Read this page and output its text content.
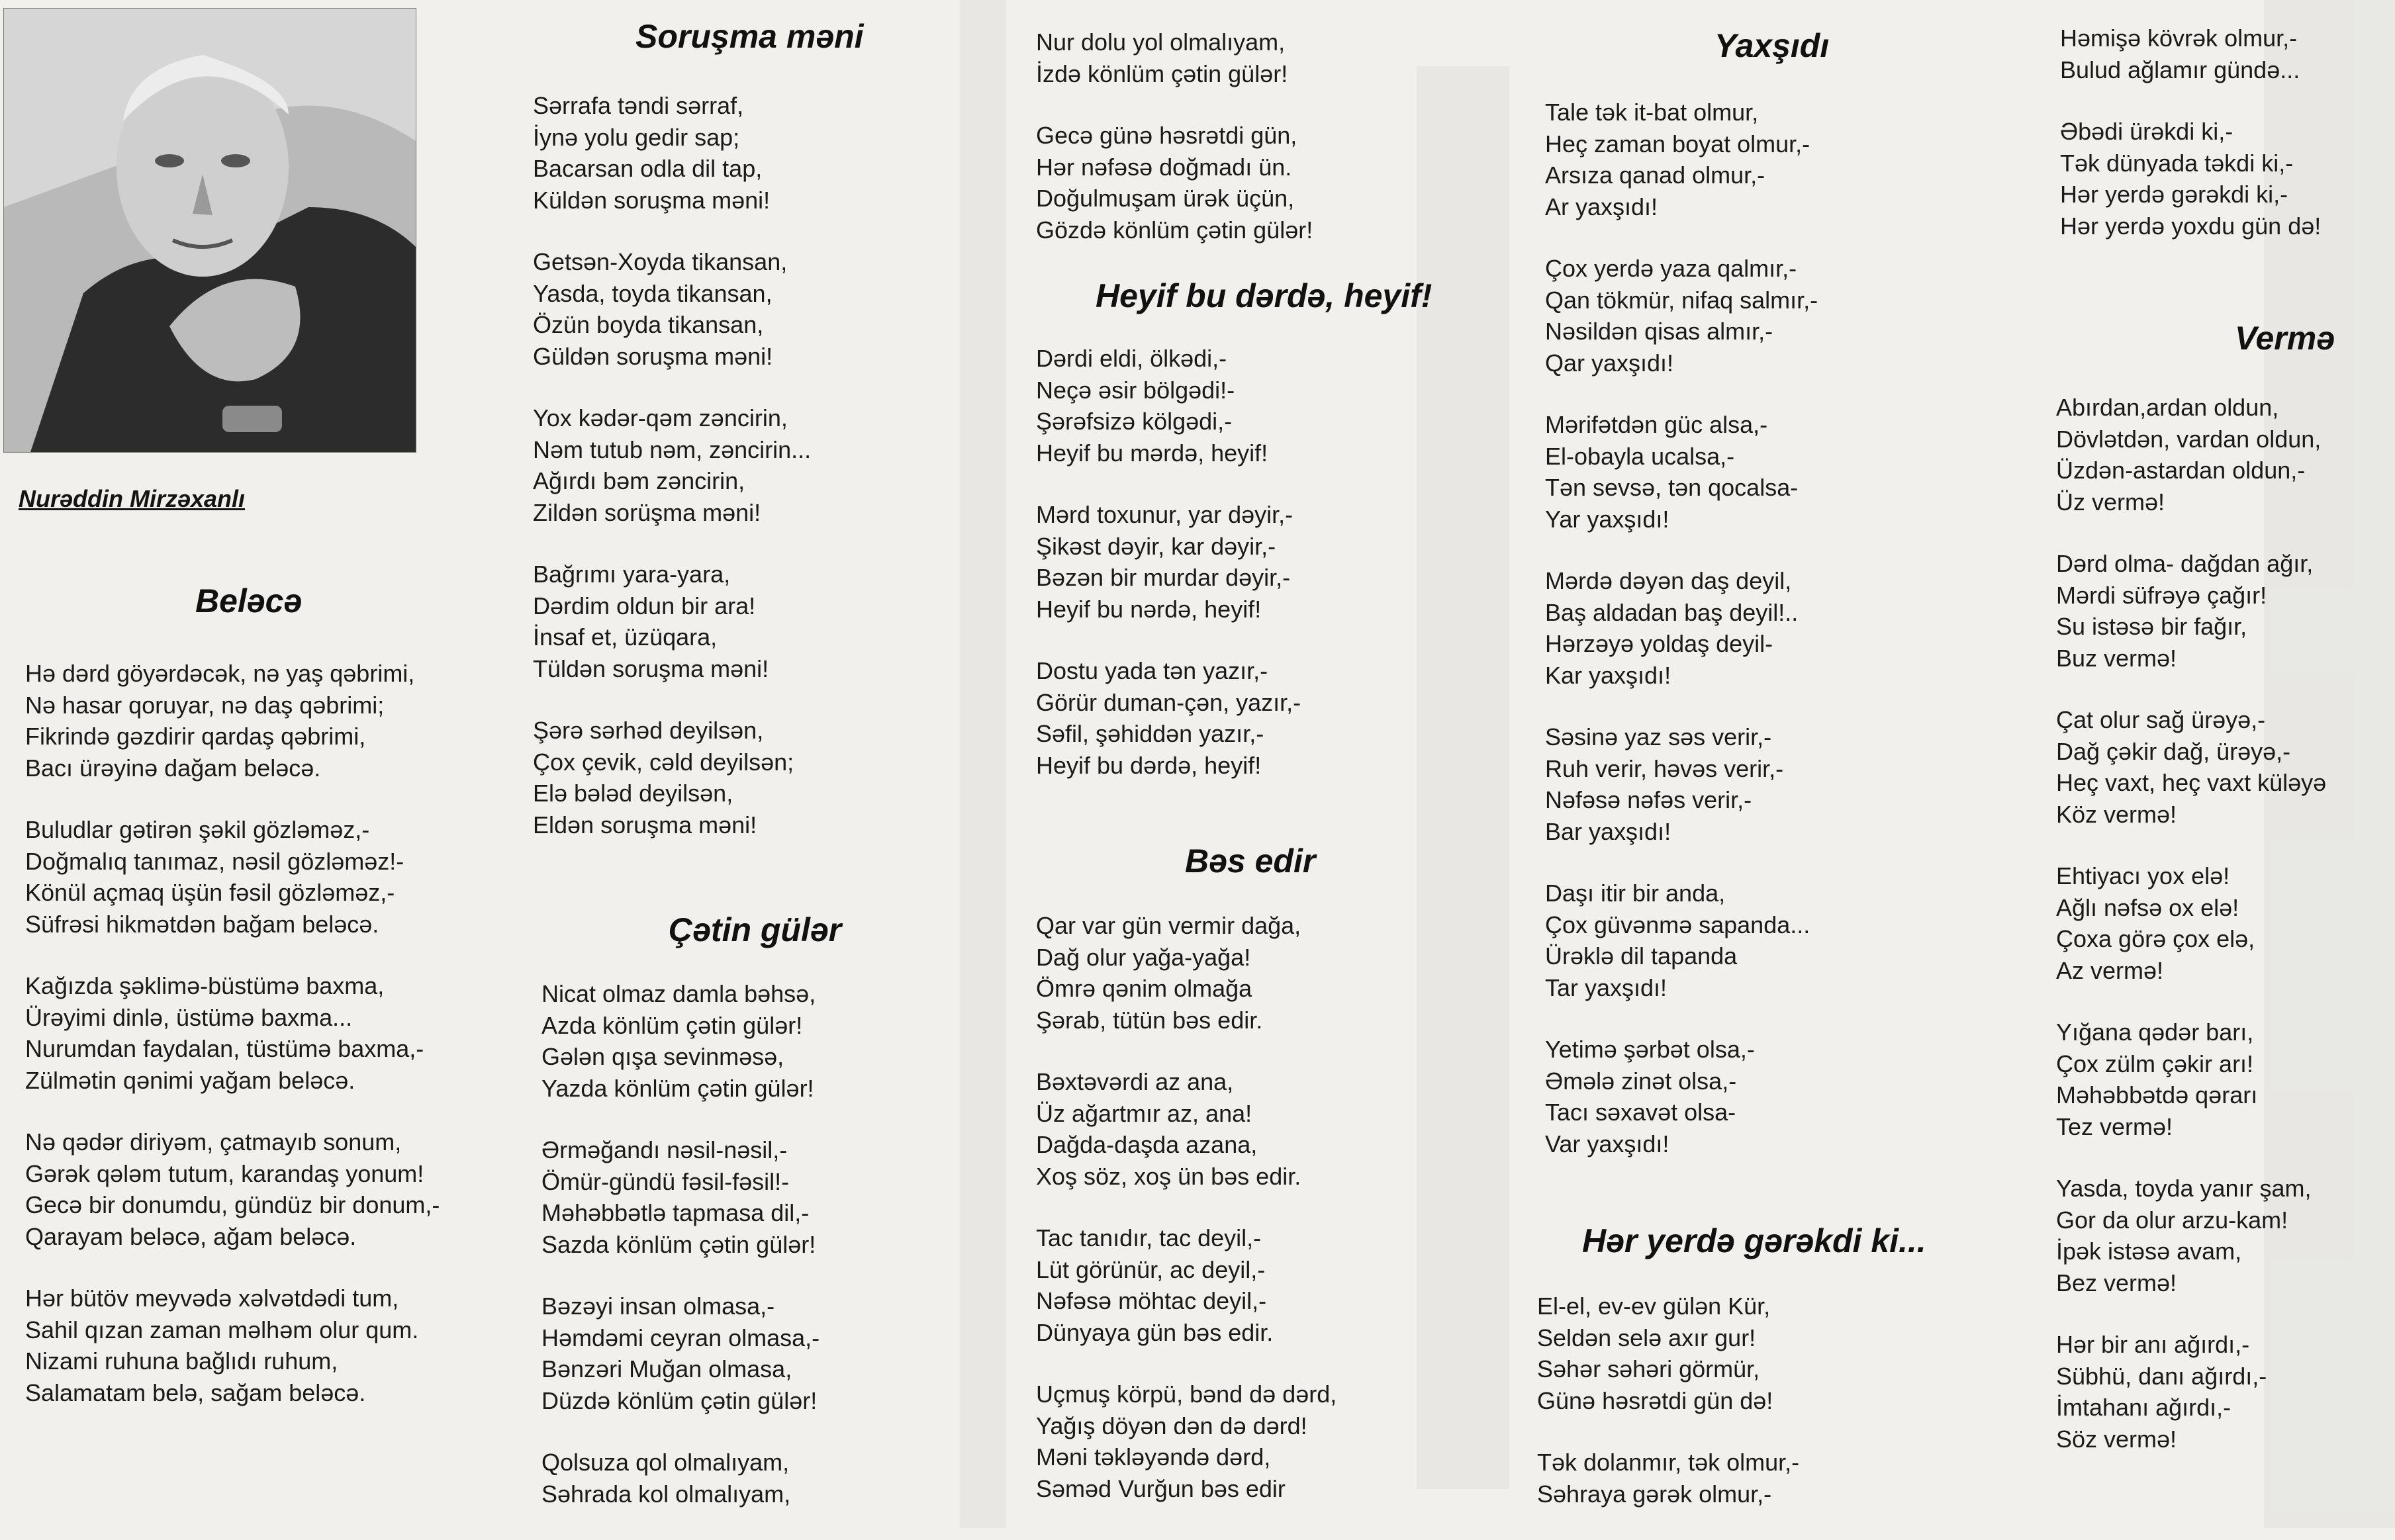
Nurəddin Mirzəxanlı
Beləcə
Hə dərd göyərdəcək, nə yaş qəbrimi,
Nə hasar qoruyar, nə daş qəbrimi;
Fikrində gəzdirir qardaş qəbrimi,
Bacı ürəyinə dağam beləcə.
Buludlar gətirən şəkil gözləməz,-
Doğmalıq tanımaz, nəsil gözləməz!-
Könül açmaq üşün fəsil gözləməz,-
Süfrəsi hikmətdən bağam beləcə.
Kağızda şəklimə-büstümə baxma,
Ürəyimi dinlə, üstümə baxma...
Nurumdan faydalan, tüstümə baxma,-
Zülmətin qənimi yağam beləcə.
Nə qədər diriyəm, çatmayıb sonum,
Gərək qələm tutum, karandaş yonum!
Gecə bir donumdu, gündüz bir donum,-
Qarayam beləcə, ağam beləcə.
Hər bütöv meyvədə xəlvətdədi tum,
Sahil qızan zaman məlhəm olur qum.
Nizami ruhuna bağlıdı ruhum,
Salamatam belə, sağam beləcə.
Soruşma məni
Sərrafa təndi sərraf,
İynə yolu gedir sap;
Bacarsan odla dil tap,
Küldən soruşma məni!
Getsən-Xoyda tikansan,
Yasda, toyda tikansan,
Özün boyda tikansan,
Güldən soruşma məni!
Yox kədər-qəm zəncirin,
Nəm tutub nəm, zəncirin...
Ağırdı bəm zəncirin,
Zildən sorüşma məni!
Bağrımı yara-yara,
Dərdim oldun bir ara!
İnsaf et, üzüqara,
Tüldən soruşma məni!
Şərə sərhəd deyilsən,
Çox çevik, cəld deyilsən;
Elə bələd deyilsən,
Eldən soruşma məni!
Çətin gülər
Nicat olmaz damla bəhsə,
Azda könlüm çətin gülər!
Gələn qışa sevinməsə,
Yazda könlüm çətin gülər!
Ərməğandı nəsil-nəsil,-
Ömür-gündü fəsil-fəsil!-
Məhəbbətlə tapmasa dil,-
Sazda könlüm çətin gülər!
Bəzəyi insan olmasa,-
Həmdəmi ceyran olmasa,-
Bənzəri Muğan olmasa,
Düzdə könlüm çətin gülər!
Qolsuza qol olmalıyam,
Səhrada kol olmalıyam,
Nur dolu yol olmalıyam,
İzdə könlüm çətin gülər!
Gecə günə həsrətdi gün,
Hər nəfəsə doğmadı ün.
Doğulmuşam ürək üçün,
Gözdə könlüm çətin gülər!
Heyif bu dərdə, heyif!
Dərdi eldi, ölkədi,-
Neçə əsir bölgədi!-
Şərəfsizə kölgədi,-
Heyif bu mərdə, heyif!
Mərd toxunur, yar dəyir,-
Şikəst dəyir, kar dəyir,-
Bəzən bir murdar dəyir,-
Heyif bu nərdə, heyif!
Dostu yada tən yazır,-
Görür duman-çən, yazır,-
Səfil, şəhiddən yazır,-
Heyif bu dərdə, heyif!
Bəs edir
Qar var gün vermir dağa,
Dağ olur yağa-yağa!
Ömrə qənim olmağa
Şərab, tütün bəs edir.
Bəxtəvərdi az ana,
Üz ağartmır az, ana!
Dağda-daşda azana,
Xoş söz, xoş ün bəs edir.
Tac tanıdır, tac deyil,-
Lüt görünür, ac deyil,-
Nəfəsə möhtac deyil,-
Dünyaya gün bəs edir.
Uçmuş körpü, bənd də dərd,
Yağış döyən dən də dərd!
Məni təkləyəndə dərd,
Səməd Vurğun bəs edir
Yaxşıdı
Tale tək it-bat olmur,
Heç zaman boyat olmur,-
Arsıza qanad olmur,-
Ar yaxşıdı!
Çox yerdə yaza qalmır,-
Qan tökmür, nifaq salmır,-
Nəsildən qisas almır,-
Qar yaxşıdı!
Mərifətdən güc alsa,-
El-obayla ucalsa,-
Tən sevsə, tən qocalsa-
Yar yaxşıdı!
Mərdə dəyən daş deyil,
Baş aldadan baş deyil!..
Hərzəyə yoldaş deyil-
Kar yaxşıdı!
Səsinə yaz səs verir,-
Ruh verir, həvəs verir,-
Nəfəsə nəfəs verir,-
Bar yaxşıdı!
Daşı itir bir anda,
Çox güvənmə sapanda...
Ürəklə dil tapanda
Tar yaxşıdı!
Yetimə şərbət olsa,-
Əmələ zinət olsa,-
Tacı səxavət olsa-
Var yaxşıdı!
Hər yerdə gərəkdi ki...
El-el, ev-ev gülən Kür,
Seldən selə axır gur!
Səhər səhəri görmür,
Günə həsrətdi gün də!
Tək dolanmır, tək olmur,-
Səhraya gərək olmur,-
Həmişə kövrək olmur,-
Bulud ağlamır gündə...
Əbədi ürəkdi ki,-
Tək dünyada təkdi ki,-
Hər yerdə gərəkdi ki,-
Hər yerdə yoxdu gün də!
Vermə
Abırdan,ardan oldun,
Dövlətdən, vardan oldun,
Üzdən-astardan oldun,-
Üz vermə!
Dərd olma- dağdan ağır,
Mərdi süfrəyə çağır!
Su istəsə bir fağır,
Buz vermə!
Çat olur sağ ürəyə,-
Dağ çəkir dağ, ürəyə,-
Heç vaxt, heç vaxt küləyə
Köz vermə!
Ehtiyacı yox elə!
Ağlı nəfsə ox elə!
Çoxa görə çox elə,
Az vermə!
Yığana qədər barı,
Çox zülm çəkir arı!
Məhəbbətdə qərarı
Tez vermə!
Yasda, toyda yanır şam,
Gor da olur arzu-kam!
İpək istəsə avam,
Bez vermə!
Hər bir anı ağırdı,-
Sübhü, danı ağırdı,-
İmtahanı ağırdı,-
Söz vermə!
